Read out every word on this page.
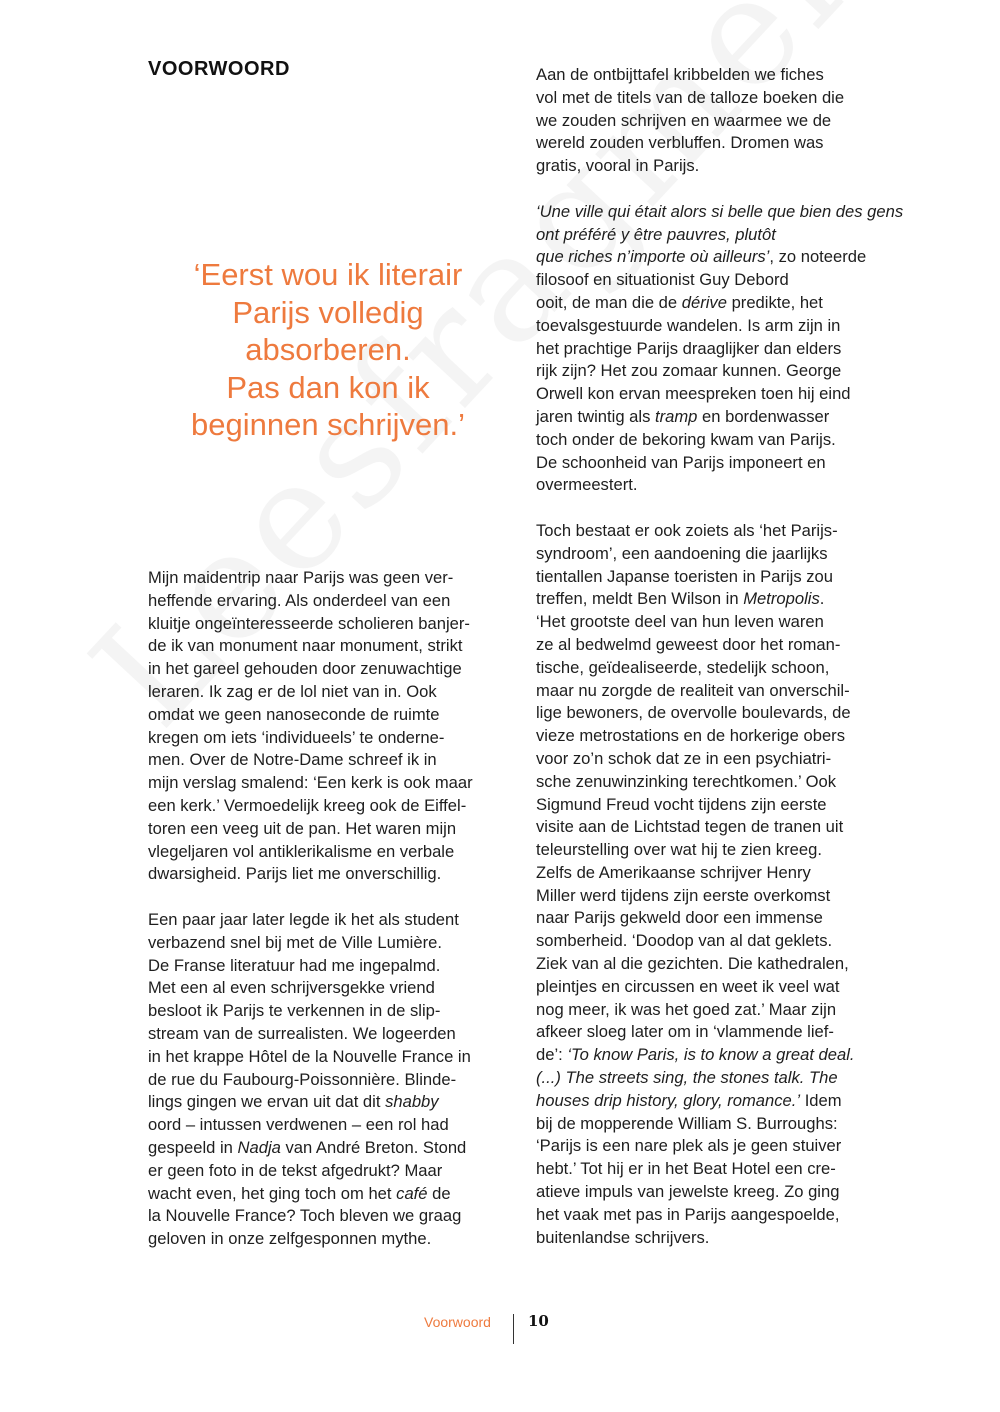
VOORWOORD
‘Eerst wou ik literair
Parijs volledig
absorberen.
Pas dan kon ik
beginnen schrijven.’

Mijn maidentrip naar Parijs was geen ver-
heffende ervaring. Als onderdeel van een
kluitje ongeïnteresseerde scholieren banjer-
de ik van monument naar monument, strikt
in het gareel gehouden door zenuwachtige
leraren. Ik zag er de lol niet van in. Ook
omdat we geen nanoseconde de ruimte
kregen om iets ‘individueels’ te onderne-
men. Over de Notre-Dame schreef ik in
mijn verslag smalend: ‘Een kerk is ook maar
een kerk.’ Vermoedelijk kreeg ook de Eiffel-
toren een veeg uit de pan. Het waren mijn
vlegeljaren vol antiklerikalisme en verbale
dwarsigheid. Parijs liet me onverschillig.

Een paar jaar later legde ik het als student
verbazend snel bij met de Ville Lumière.
De Franse literatuur had me ingepalmd.
Met een al even schrijversgekke vriend
besloot ik Parijs te verkennen in de slip-
stream van de surrealisten. We logeerden
in het krappe Hôtel de la Nouvelle France in
de rue du Faubourg-Poissonnière. Blinde-
lings gingen we ervan uit dat dit shabby
oord – intussen verdwenen – een rol had
gespeeld in Nadja van André Breton. Stond
er geen foto in de tekst afgedrukt? Maar
wacht even, het ging toch om het café de
la Nouvelle France? Toch bleven we graag
geloven in onze zelfgesponnen mythe.

Aan de ontbijttafel kribbelden we fiches
vol met de titels van de talloze boeken die
we zouden schrijven en waarmee we de
wereld zouden verbluffen. Dromen was
gratis, vooral in Parijs.

‘Une ville qui était alors si belle que bien des gens ont préféré y être pauvres, plutôt
que riches n’importe où ailleurs’, zo noteerde
filosoof en situationist Guy Debord
ooit, de man die de dérive predikte, het
toevalsgestuurde wandelen. Is arm zijn in
het prachtige Parijs draaglijker dan elders
rijk zijn? Het zou zomaar kunnen. George
Orwell kon ervan meespreken toen hij eind
jaren twintig als tramp en bordenwasser
toch onder de bekoring kwam van Parijs.
De schoonheid van Parijs imponeert en
overmeestert.

Toch bestaat er ook zoiets als ‘het Parijs-
syndroom’, een aandoening die jaarlijks
tientallen Japanse toeristen in Parijs zou
treffen, meldt Ben Wilson in Metropolis.
‘Het grootste deel van hun leven waren
ze al bedwelmd geweest door het roman-
tische, geïdealiseerde, stedelijk schoon,
maar nu zorgde de realiteit van onverschil-
lige bewoners, de overvolle boulevards, de
vieze metrostations en de horkerige obers
voor zo’n schok dat ze in een psychiatri-
sche zenuwinzinking terechtkomen.’ Ook
Sigmund Freud vocht tijdens zijn eerste
visite aan de Lichtstad tegen de tranen uit
teleurstelling over wat hij te zien kreeg.
Zelfs de Amerikaanse schrijver Henry
Miller werd tijdens zijn eerste overkomst
naar Parijs gekweld door een immense
somberheid. ‘Doodop van al dat geklets.
Ziek van al die gezichten. Die kathedralen,
pleintjes en circussen en weet ik veel wat
nog meer, ik was het goed zat.’ Maar zijn
afkeer sloeg later om in ‘vlammende lief-
de’: ‘To know Paris, is to know a great deal.
(...) The streets sing, the stones talk. The
houses drip history, glory, romance.’ Idem
bij de mopperende William S. Burroughs:
‘Parijs is een nare plek als je geen stuiver
hebt.’ Tot hij er in het Beat Hotel een cre-
atieve impuls van jewelste kreeg. Zo ging
het vaak met pas in Parijs aangespoelde,
buitenlandse schrijvers.

Voorwoord 10
